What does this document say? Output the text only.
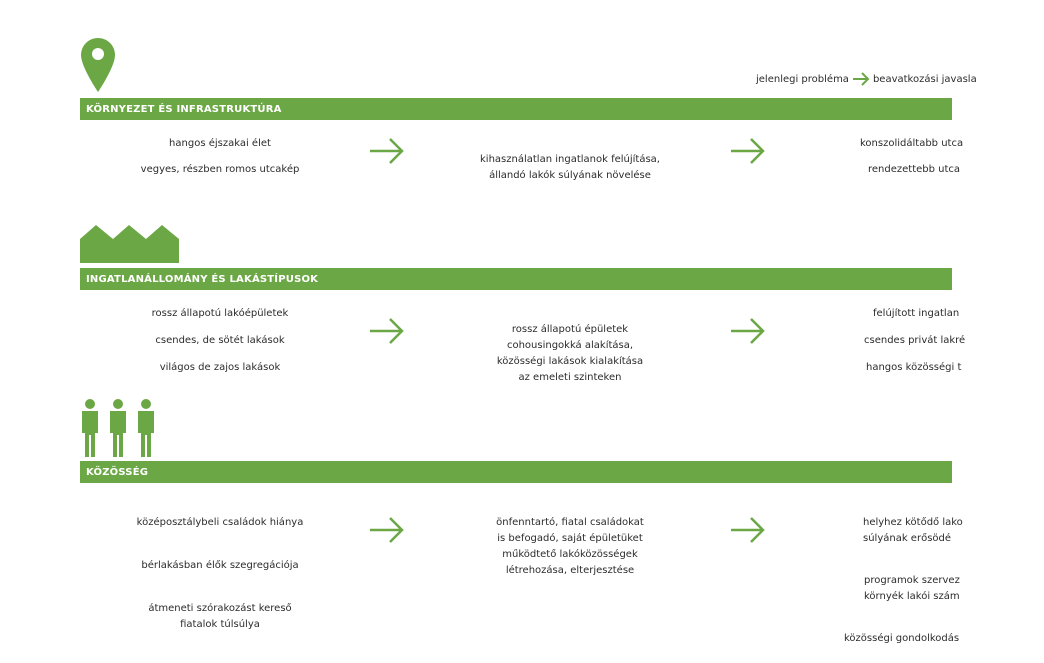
jelenlegi probléma beavatkozási javasla
KÖRNYEZET ÉS INFRASTRUKTÚRA
hangos éjszakai élet
vegyes, részben romos utcakép

kihasználatlan ingatlanok felújítása,
állandó lakók súlyának növelése

konszolidáltabb utca
rendezettebb utca
INGATLANÁLLOMÁNY ÉS LAKÁSTÍPUSOK
rossz állapotú lakóépületek
csendes, de sötét lakások
világos de zajos lakások

rossz állapotú épületek
cohousingokká alakítása,
közösségi lakások kialakítása
az emeleti szinteken

felújított ingatlan
csendes privát lakré
hangos közösségi t
KÖZÖSSÉG

középosztálybeli családok hiánya

bérlakásban élők szegregációja

átmeneti szórakozást kereső
fiatalok túlsúlya

önfenntartó, fiatal családokat
is befogadó, saját épületüket
működtető lakóközösségek
létrehozása, elterjesztése

helyhez kötődő lako
súlyának erősödé

programok szervez
környék lakói szám

közösségi gondolkodás
